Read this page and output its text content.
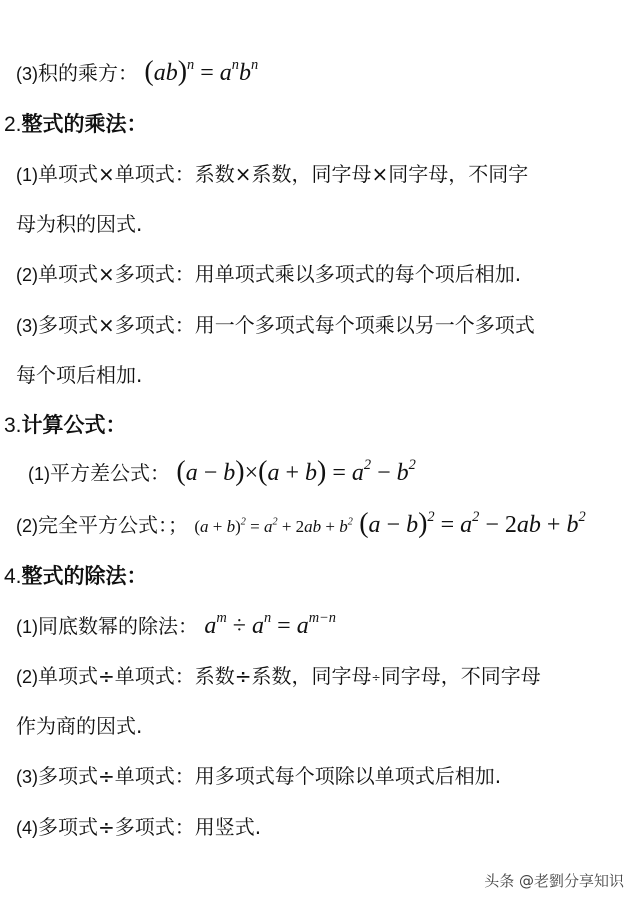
(3)积的乘方： $(ab)^n = a^nb^n$
2.整式的乘法：
(1)单项式×单项式：系数×系数，同字母×同字母，不同字
母为积的因式.
(2)单项式×多项式：用单项式乘以多项式的每个项后相加.
(3)多项式×多项式：用一个多项式每个项乘以另一个多项式
每个项后相加.
3.计算公式：
(1)平方差公式： $(a - b)\times(a + b) = a^2 - b^2$
(2)完全平方公式：； $(a + b)^2 = a^2 + 2ab + b^2$ $(a - b)^2 = a^2 - 2ab + b^2$
4.整式的除法：
(1)同底数幂的除法： $a^m \div a^n = a^{m-n}$
(2)单项式÷单项式：系数÷系数，同字母÷同字母，不同字母
作为商的因式.
(3)多项式÷单项式：用多项式每个项除以单项式后相加.
(4)多项式÷多项式：用竖式.
头条 @老劉分享知识
